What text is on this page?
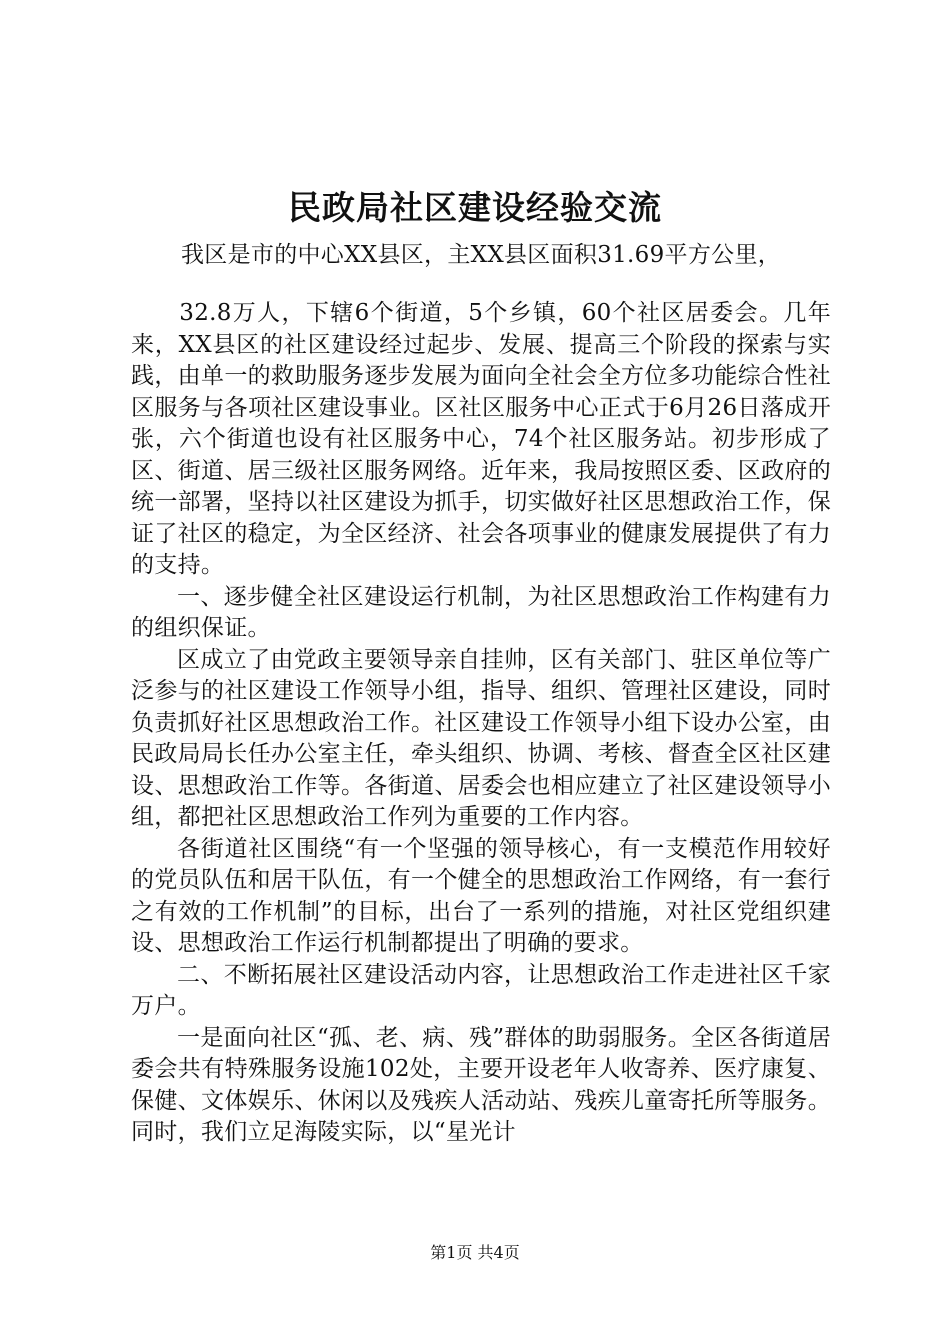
民政局社区建设经验交流

我区是市的中心XX县区，主XX县区面积31.69平方公里，

32.8万人，下辖6个街道，5个乡镇，60个社区居委会。几年来，XX县区的社区建设经过起步、发展、提高三个阶段的探索与实践，由单一的救助服务逐步发展为面向全社会全方位多功能综合性社区服务与各项社区建设事业。区社区服务中心正式于6月26日落成开张，六个街道也设有社区服务中心，74个社区服务站。初步形成了区、街道、居三级社区服务网络。近年来，我局按照区委、区政府的统一部署，坚持以社区建设为抓手，切实做好社区思想政治工作，保证了社区的稳定，为全区经济、社会各项事业的健康发展提供了有力的支持。

一、逐步健全社区建设运行机制，为社区思想政治工作构建有力的组织保证。

区成立了由党政主要领导亲自挂帅，区有关部门、驻区单位等广泛参与的社区建设工作领导小组，指导、组织、管理社区建设，同时负责抓好社区思想政治工作。社区建设工作领导小组下设办公室，由民政局局长任办公室主任，牵头组织、协调、考核、督查全区社区建设、思想政治工作等。各街道、居委会也相应建立了社区建设领导小组，都把社区思想政治工作列为重要的工作内容。

各街道社区围绕“有一个坚强的领导核心，有一支模范作用较好的党员队伍和居干队伍，有一个健全的思想政治工作网络，有一套行之有效的工作机制”的目标，出台了一系列的措施，对社区党组织建设、思想政治工作运行机制都提出了明确的要求。

二、不断拓展社区建设活动内容，让思想政治工作走进社区千家万户。

一是面向社区“孤、老、病、残”群体的助弱服务。全区各街道居委会共有特殊服务设施102处，主要开设老年人收寄养、医疗康复、保健、文体娱乐、休闲以及残疾人活动站、残疾儿童寄托所等服务。同时，我们立足海陵实际，以“星光计

第1页 共4页
